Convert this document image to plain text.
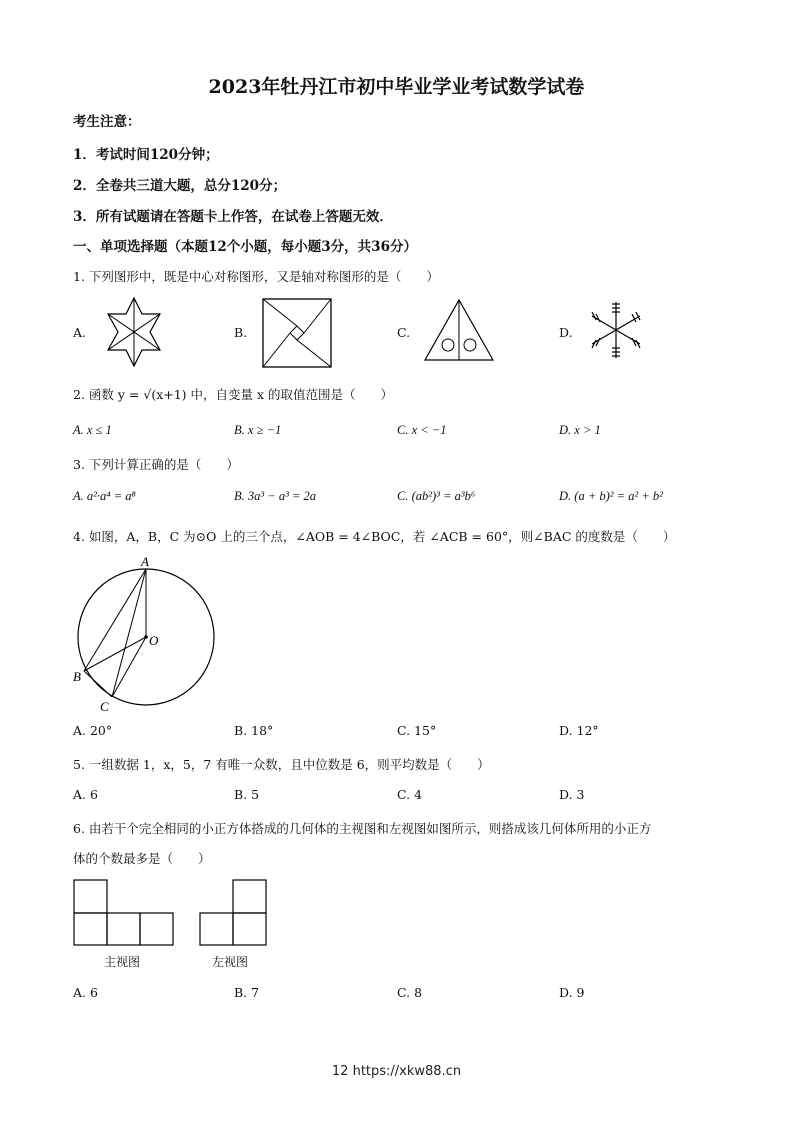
2023年牡丹江市初中毕业学业考试数学试卷
考生注意：
1．考试时间120分钟；
2．全卷共三道大题，总分120分；
3．所有试题请在答题卡上作答，在试卷上答题无效．
一、单项选择题（本题12个小题，每小题3分，共36分）
1. 下列图形中，既是中心对称图形，又是轴对称图形的是（　　）
A.	B.	C.	D.
2. 函数 y = √(x+1) 中，自变量 x 的取值范围是（　　）
A. x ≤ 1	B. x ≥ −1	C. x < −1	D. x > 1
3. 下列计算正确的是（　　）
A. a²·a⁴ = a⁸	B. 3a³ − a³ = 2a	C. (ab²)³ = a³b⁶	D. (a + b)² = a² + b²
4. 如图，A，B，C 为⊙O 上的三个点，∠AOB = 4∠BOC，若 ∠ACB = 60°，则∠BAC 的度数是（　　）
A
O
B
C
A. 20°	B. 18°	C. 15°	D. 12°
5. 一组数据 1，x，5，7 有唯一众数，且中位数是 6，则平均数是（　　）
A. 6	B. 5	C. 4	D. 3
6. 由若干个完全相同的小正方体搭成的几何体的主视图和左视图如图所示，则搭成该几何体所用的小正方
体的个数最多是（　　）
主视图	左视图
A. 6	B. 7	C. 8	D. 9
12 https://xkw88.cn
